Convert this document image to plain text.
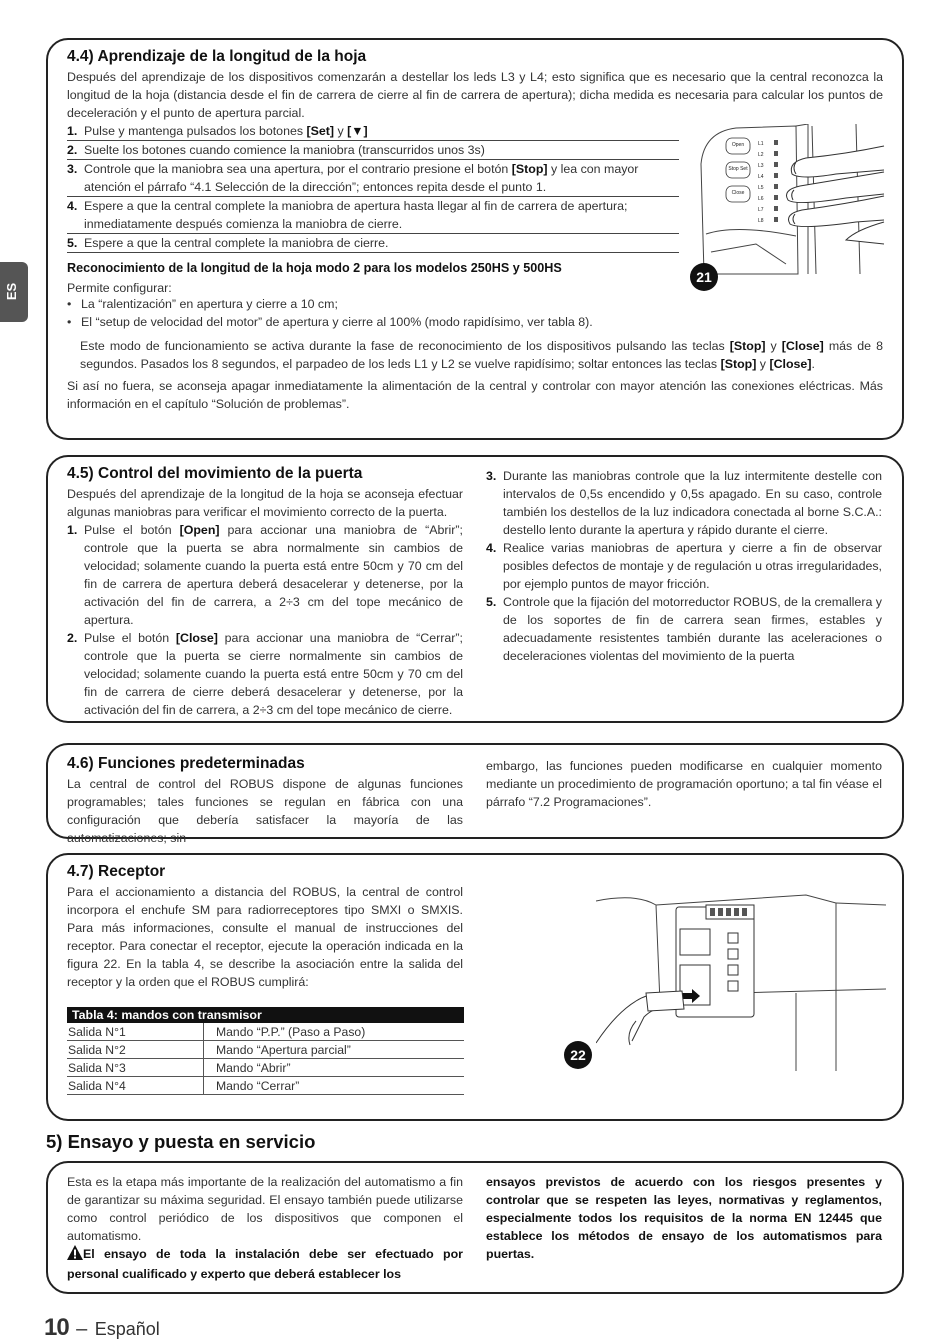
ES
4.4) Aprendizaje de la longitud de la hoja

Después del aprendizaje de los dispositivos comenzarán a destellar los leds L3 y L4; esto significa que es necesario que la central reconozca la longitud de la hoja (distancia desde el fin de carrera de cierre al fin de carrera de apertura); dicha medida es necesaria para calcular los puntos de deceleración y el punto de apertura parcial.

1. Pulse y mantenga pulsados los botones [Set] y [▼]
2. Suelte los botones cuando comience la maniobra (transcurridos unos 3s)
3. Controle que la maniobra sea una apertura, por el contrario presione el botón [Stop] y lea con mayor atención el párrafo “4.1 Selección de la dirección”; entonces repita desde el punto 1.
4. Espere a que la central complete la maniobra de apertura hasta llegar al fin de carrera de apertura; inmediatamente después comienza la maniobra de cierre.
5. Espere a que la central complete la maniobra de cierre.
L1
L2
L3
L4
L5
L6
L7
L8
Open
Stop Set
Close
21

Reconocimiento de la longitud de la hoja modo 2 para los modelos 250HS y 500HS

Permite configurar:

• La “ralentización” en apertura y cierre a 10 cm;
• El “setup de velocidad del motor” de apertura y cierre al 100% (modo rapidísimo, ver tabla 8).

Este modo de funcionamiento se activa durante la fase de reconocimiento de los dispositivos pulsando las teclas [Stop] y [Close] más de 8 segundos. Pasados los 8 segundos, el parpadeo de los leds L1 y L2 se vuelve rapidísimo; soltar entonces las teclas [Stop] y [Close].

Si así no fuera, se aconseja apagar inmediatamente la alimentación de la central y controlar con mayor atención las conexiones eléctricas. Más información en el capítulo “Solución de problemas”.

4.5) Control del movimiento de la puerta
Después del aprendizaje de la longitud de la hoja se aconseja efectuar algunas maniobras para verificar el movimiento correcto de la puerta.
1. Pulse el botón [Open] para accionar una maniobra de “Abrir”; controle que la puerta se abra normalmente sin cambios de velocidad; solamente cuando la puerta está entre 50cm y 70 cm del fin de carrera de apertura deberá desacelerar y detenerse, por la activación del fin de carrera, a 2÷3 cm del tope mecánico de apertura.
2. Pulse el botón [Close] para accionar una maniobra de “Cerrar”; controle que la puerta se cierre normalmente sin cambios de velocidad; solamente cuando la puerta está entre 50cm y 70 cm del fin de carrera de cierre deberá desacelerar y detenerse, por la activación del fin de carrera, a 2÷3 cm del tope mecánico de cierre.
3. Durante las maniobras controle que la luz intermitente destelle con intervalos de 0,5s encendido y 0,5s apagado. En su caso, controle también los destellos de la luz indicadora conectada al borne S.C.A.: destello lento durante la apertura y rápido durante el cierre.
4. Realice varias maniobras de apertura y cierre a fin de observar posibles defectos de montaje y de regulación u otras irregularidades, por ejemplo puntos de mayor fricción.
5. Controle que la fijación del motorreductor ROBUS, de la cremallera y de los soportes de fin de carrera sean firmes, estables y adecuadamente resistentes también durante las aceleraciones o deceleraciones violentas del movimiento de la puerta
4.6) Funciones predeterminadas

La central de control del ROBUS dispone de algunas funciones programables; tales funciones se regulan en fábrica con una configuración que debería satisfacer la mayoría de las automatizaciones; sin

embargo, las funciones pueden modificarse en cualquier momento mediante un procedimiento de programación oportuno; a tal fin véase el párrafo “7.2 Programaciones”.

4.7) Receptor

Para el accionamiento a distancia del ROBUS, la central de control incorpora el enchufe SM para radiorreceptores tipo SMXI o SMXIS. Para más informaciones, consulte el manual de instrucciones del receptor. Para conectar el receptor, ejecute la operación indicada en la figura 22. En la tabla 4, se describe la asociación entre la salida del receptor y la orden que el ROBUS cumplirá:

Tabla 4: mandos con transmisor	
Salida N°1	Mando “P.P.” (Paso a Paso)
Salida N°2	Mando “Apertura parcial”
Salida N°3	Mando “Abrir”
Salida N°4	Mando “Cerrar”
22
5) Ensayo y puesta en servicio
Esta es la etapa más importante de la realización del automatismo a fin de garantizar su máxima seguridad. El ensayo también puede utilizarse como control periódico de los dispositivos que componen el automatismo.
El ensayo de toda la instalación debe ser efectuado por personal cualificado y experto que deberá establecer los

ensayos previstos de acuerdo con los riesgos presentes y controlar que se respeten las leyes, normativas y reglamentos, especialmente todos los requisitos de la norma EN 12445 que establece los métodos de ensayo de los automatismos para puertas.

10 – Español
